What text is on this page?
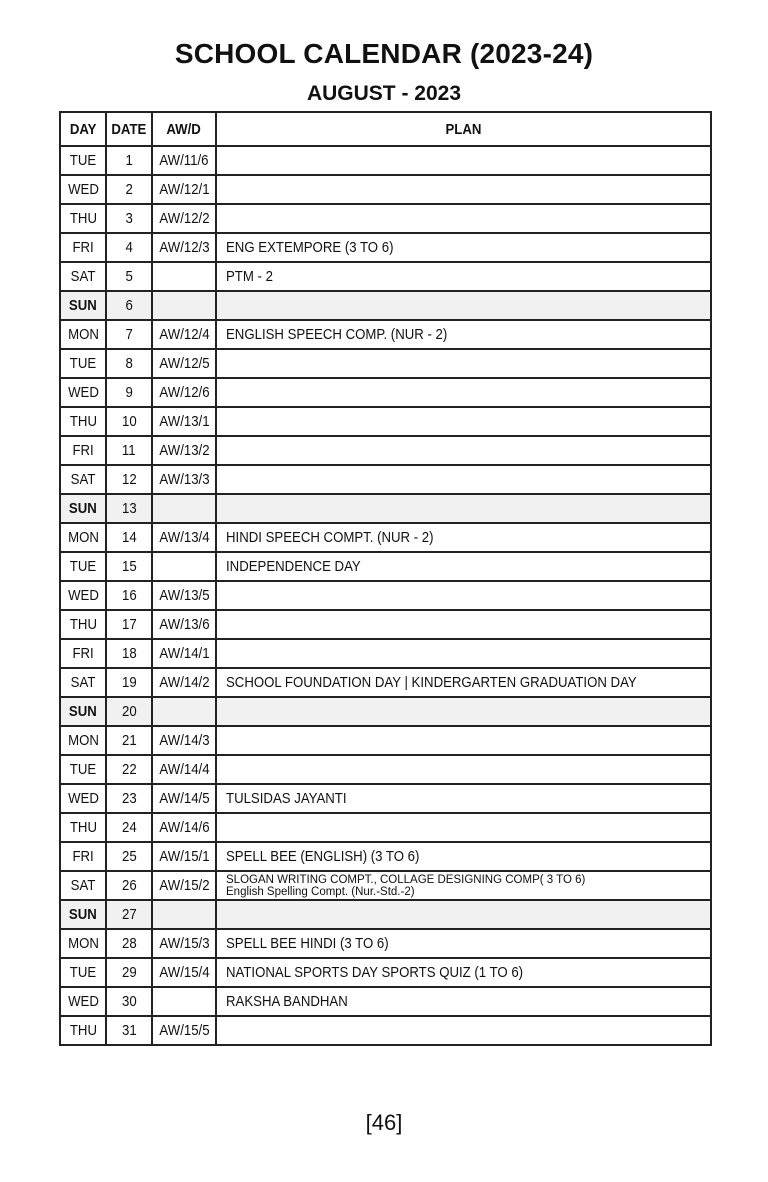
SCHOOL CALENDAR (2023-24)
AUGUST - 2023
DAY	DATE	AW/D	PLAN
TUE	1	AW/11/6	
WED	2	AW/12/1	
THU	3	AW/12/2	
FRI	4	AW/12/3	ENG EXTEMPORE (3 TO 6)
SAT	5		PTM - 2
SUN	6		
MON	7	AW/12/4	ENGLISH SPEECH COMP. (NUR - 2)
TUE	8	AW/12/5	
WED	9	AW/12/6	
THU	10	AW/13/1	
FRI	11	AW/13/2	
SAT	12	AW/13/3	
SUN	13		
MON	14	AW/13/4	HINDI SPEECH COMPT. (NUR - 2)
TUE	15		INDEPENDENCE DAY
WED	16	AW/13/5	
THU	17	AW/13/6	
FRI	18	AW/14/1	
SAT	19	AW/14/2	SCHOOL FOUNDATION DAY | KINDERGARTEN GRADUATION DAY
SUN	20		
MON	21	AW/14/3	
TUE	22	AW/14/4	
WED	23	AW/14/5	TULSIDAS JAYANTI
THU	24	AW/14/6	
FRI	25	AW/15/1	SPELL BEE (ENGLISH) (3 TO 6)
SAT	26	AW/15/2	SLOGAN WRITING COMPT., COLLAGE DESIGNING COMP( 3 TO 6)
English Spelling Compt. (Nur.-Std.-2)

SUN	27		
MON	28	AW/15/3	SPELL BEE HINDI (3 TO 6)
TUE	29	AW/15/4	NATIONAL SPORTS DAY SPORTS QUIZ (1 TO 6)
WED	30		RAKSHA BANDHAN
THU	31	AW/15/5	
[46]
